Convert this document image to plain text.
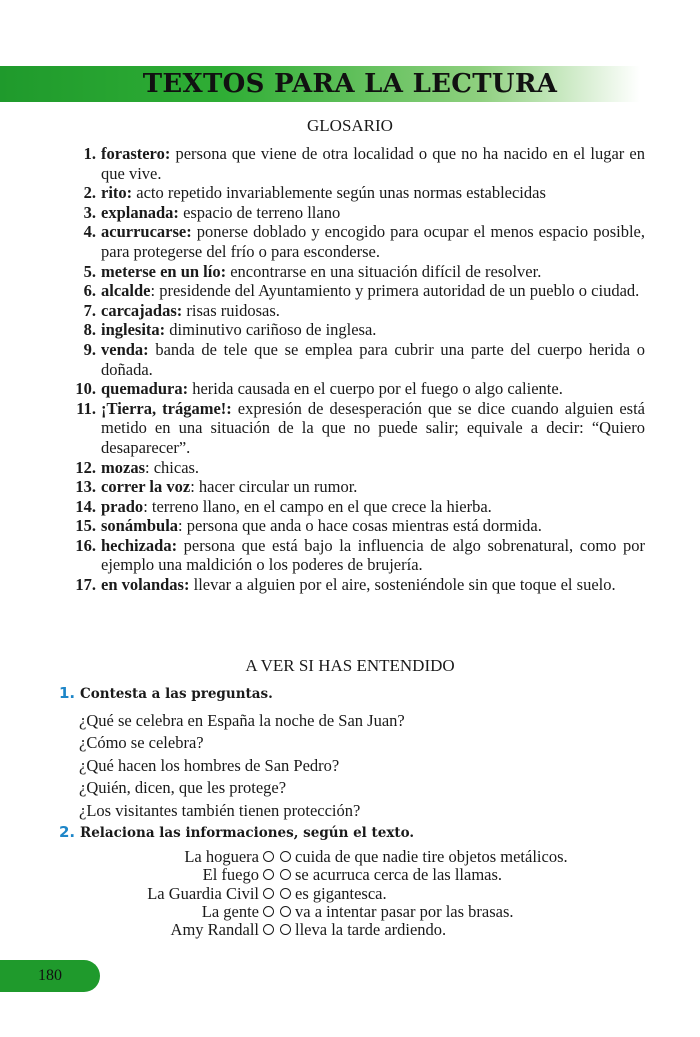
TEXTOS PARA LA LECTURA
GLOSARIO
1. forastero: persona que viene de otra localidad o que no ha nacido en el lugar en que vive.
2. rito: acto repetido invariablemente según unas normas establecidas
3. explanada: espacio de terreno llano
4. acurrucarse: ponerse doblado y encogido para ocupar el menos espacio posible, para protegerse del frío o para esconderse.
5. meterse en un lío: encontrarse en una situación difícil de resolver.
6. alcalde: presidende del Ayuntamiento y primera autoridad de un pueblo o ciudad.
7. carcajadas: risas ruidosas.
8. inglesita: diminutivo cariñoso de inglesa.
9. venda: banda de tele que se emplea para cubrir una parte del cuerpo herida o doñada.
10. quemadura: herida causada en el cuerpo por el fuego o algo caliente.
11. ¡Tierra, trágame!: expresión de desesperación que se dice cuando alguien está metido en una situación de la que no puede salir; equivale a decir: “Quiero desaparecer”.
12. mozas: chicas.
13. correr la voz: hacer circular un rumor.
14. prado: terreno llano, en el campo en el que crece la hierba.
15. sonámbula: persona que anda o hace cosas mientras está dormida.
16. hechizada: persona que está bajo la influencia de algo sobrenatural, como por ejemplo una maldición o los poderes de brujería.
17. en volandas: llevar a alguien por el aire, sosteniéndole sin que toque el suelo.
A VER SI HAS ENTENDIDO
1. Contesta a las preguntas.
¿Qué se celebra en España la noche de San Juan?
¿Cómo se celebra?
¿Qué hacen los hombres de San Pedro?
¿Quién, dicen, que les protege?
¿Los visitantes también tienen protección?
2. Relaciona las informaciones, según el texto.
La hoguera	cuida de que nadie tire objetos metálicos.
El fuego	se acurruca cerca de las llamas.
La Guardia Civil	es gigantesca.
La gente	va a intentar pasar por las brasas.
Amy Randall	lleva la tarde ardiendo.
180
